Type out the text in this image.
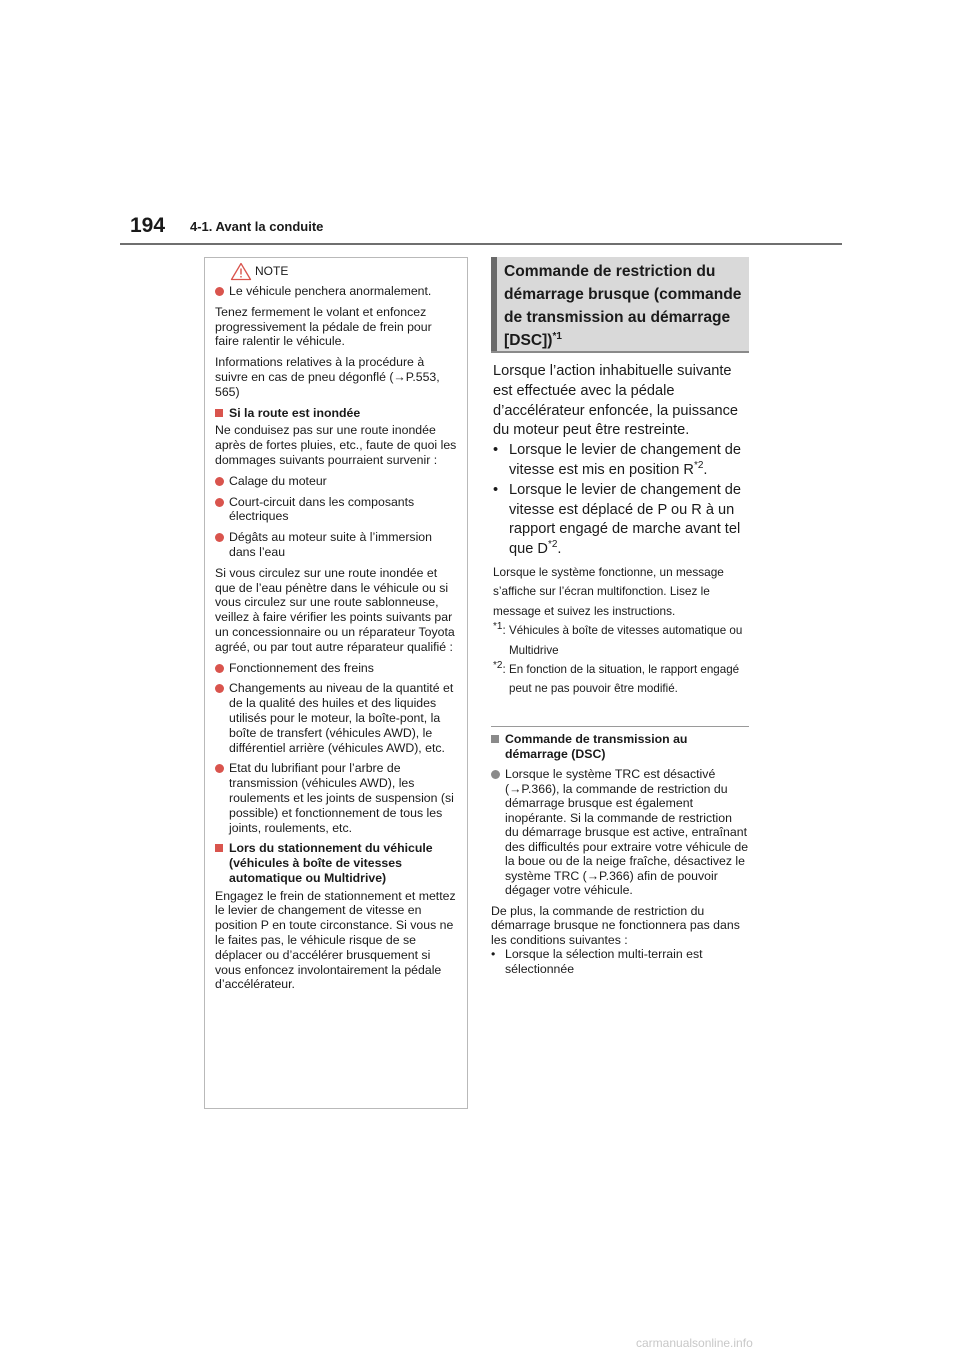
194 4-1. Avant la conduite
NOTE
Le véhicule penchera anormalement.

Tenez fermement le volant et enfoncez progressivement la pédale de frein pour faire ralentir le véhicule.

Informations relatives à la procédure à suivre en cas de pneu dégonflé (→P.553, 565)

Si la route est inondée

Ne conduisez pas sur une route inondée après de fortes pluies, etc., faute de quoi les dommages suivants pourraient survenir :

Calage du moteur
Court-circuit dans les composants électriques
Dégâts au moteur suite à l’immersion dans l’eau

Si vous circulez sur une route inondée et que de l’eau pénètre dans le véhicule ou si vous circulez sur une route sablonneuse, veillez à faire vérifier les points suivants par un concessionnaire ou un réparateur Toyota agréé, ou par tout autre réparateur qualifié :

Fonctionnement des freins
Changements au niveau de la quantité et de la qualité des huiles et des liquides utilisés pour le moteur, la boîte-pont, la boîte de transfert (véhicules AWD), le différentiel arrière (véhicules AWD), etc.
Etat du lubrifiant pour l’arbre de transmission (véhicules AWD), les roulements et les joints de suspension (si possible) et fonctionnement de tous les joints, roulements, etc.
Lors du stationnement du véhicule (véhicules à boîte de vitesses automatique ou Multidrive)

Engagez le frein de stationnement et mettez le levier de changement de vitesse en position P en toute circonstance. Si vous ne le faites pas, le véhicule risque de se déplacer ou d’accélérer brusquement si vous enfoncez involontairement la pédale d’accélérateur.

Commande de restriction du démarrage brusque (commande de transmission au démarrage [DSC])$^{*1}$

Lorsque l’action inhabituelle suivante est effectuée avec la pédale d’accélérateur enfoncée, la puissance du moteur peut être restreinte.

• Lorsque le levier de changement de vitesse est mis en position $R^{*2}$.
• Lorsque le levier de changement de vitesse est déplacé de P ou R à un rapport engagé de marche avant tel que $D^{*2}$.

Lorsque le système fonctionne, un message s’affiche sur l’écran multifonction. Lisez le message et suivez les instructions.

$^{*1}$: Véhicules à boîte de vitesses automatique ou Multidrive
$^{*2}$: En fonction de la situation, le rapport engagé peut ne pas pouvoir être modifié.
Commande de transmission au démarrage (DSC)
Lorsque le système TRC est désactivé (→P.366), la commande de restriction du démarrage brusque est également inopérante. Si la commande de restriction du démarrage brusque est active, entraînant des difficultés pour extraire votre véhicule de la boue ou de la neige fraîche, désactivez le système TRC (→P.366) afin de pouvoir dégager votre véhicule.

De plus, la commande de restriction du démarrage brusque ne fonctionnera pas dans les conditions suivantes :

• Lorsque la sélection multi-terrain est sélectionnée
carmanualsonline.info
